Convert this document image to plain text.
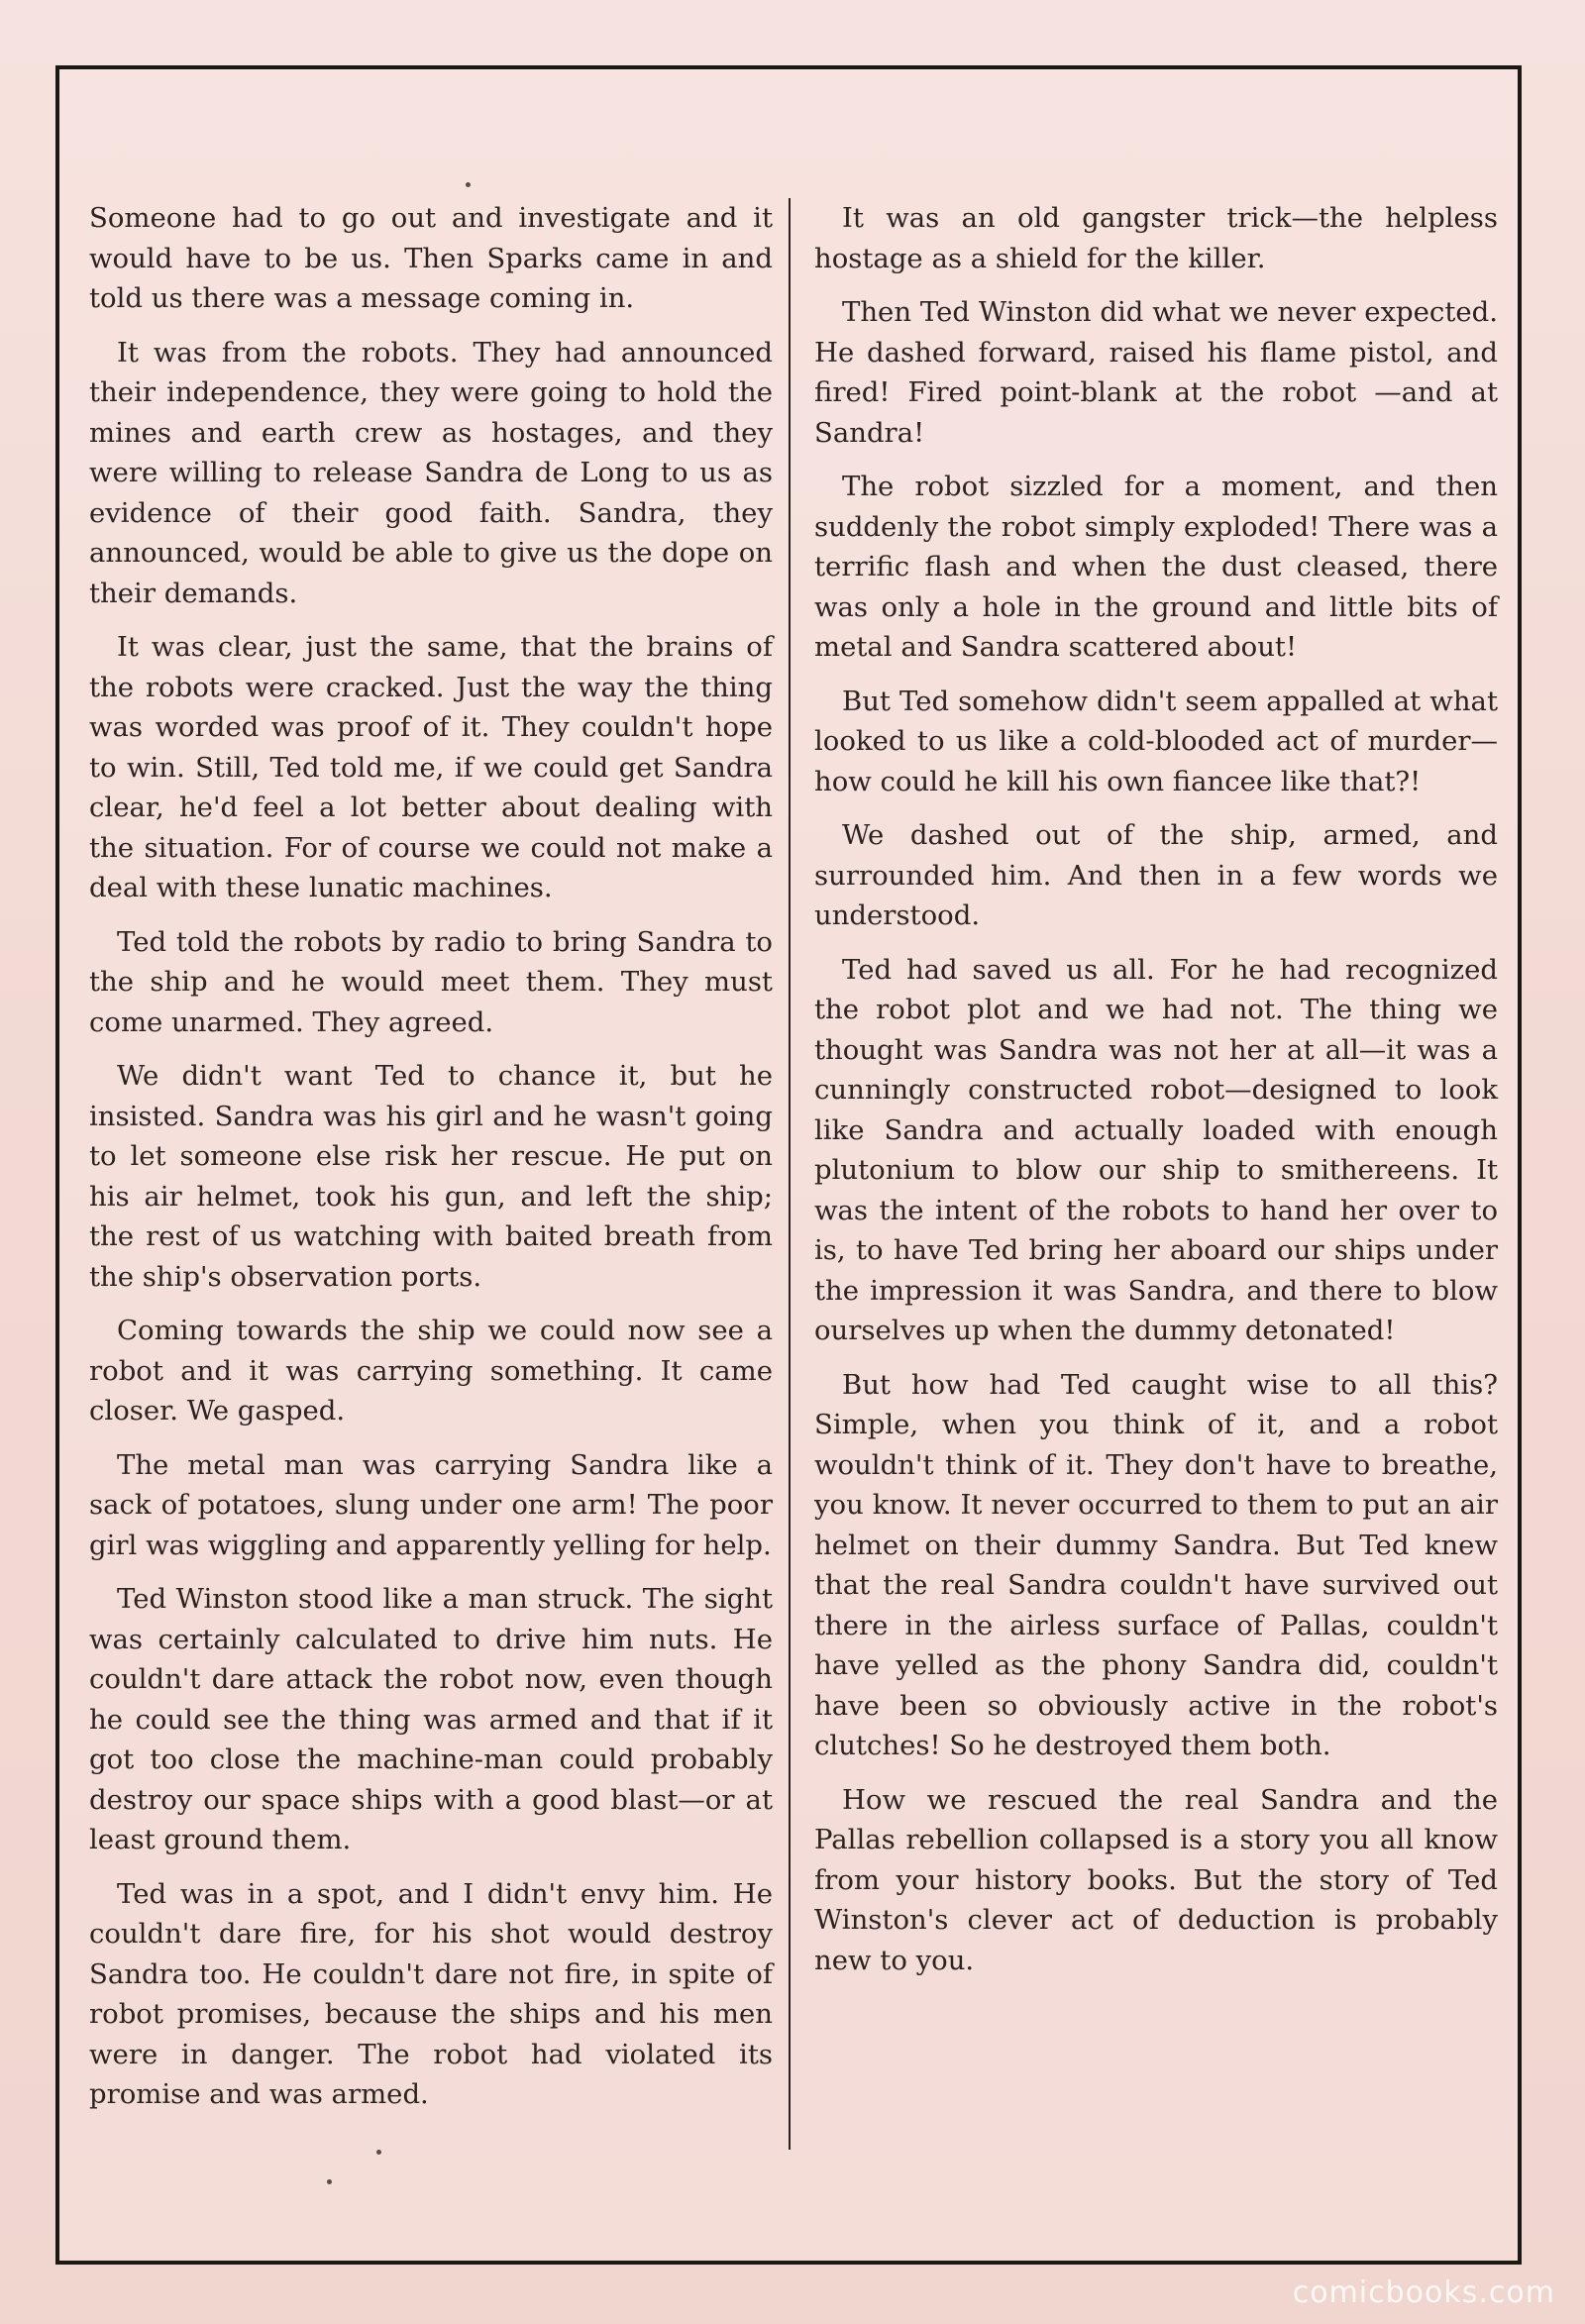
Someone had to go out and investigate and it would have to be us. Then Sparks came in and told us there was a message coming in.

It was from the robots. They had announced their independence, they were going to hold the mines and earth crew as hostages, and they were willing to release Sandra de Long to us as evidence of their good faith. Sandra, they announced, would be able to give us the dope on their demands.

It was clear, just the same, that the brains of the robots were cracked. Just the way the thing was worded was proof of it. They couldn't hope to win. Still, Ted told me, if we could get Sandra clear, he'd feel a lot better about dealing with the situation. For of course we could not make a deal with these lunatic machines.

Ted told the robots by radio to bring Sandra to the ship and he would meet them. They must come unarmed. They agreed.

We didn't want Ted to chance it, but he insisted. Sandra was his girl and he wasn't going to let someone else risk her rescue. He put on his air helmet, took his gun, and left the ship; the rest of us watching with baited breath from the ship's observation ports.

Coming towards the ship we could now see a robot and it was carrying something. It came closer. We gasped.

The metal man was carrying Sandra like a sack of potatoes, slung under one arm! The poor girl was wiggling and apparently yelling for help.

Ted Winston stood like a man struck. The sight was certainly calculated to drive him nuts. He couldn't dare attack the robot now, even though he could see the thing was armed and that if it got too close the machine-man could probably destroy our space ships with a good blast—or at least ground them.

Ted was in a spot, and I didn't envy him. He couldn't dare fire, for his shot would destroy Sandra too. He couldn't dare not fire, in spite of robot promises, because the ships and his men were in danger. The robot had violated its promise and was armed.

It was an old gangster trick—the helpless hostage as a shield for the killer.

Then Ted Winston did what we never expected. He dashed forward, raised his flame pistol, and fired! Fired point-blank at the robot —and at Sandra!

The robot sizzled for a moment, and then suddenly the robot simply exploded! There was a terrific flash and when the dust cleased, there was only a hole in the ground and little bits of metal and Sandra scattered about!

But Ted somehow didn't seem appalled at what looked to us like a cold-blooded act of murder—how could he kill his own fiancee like that?!

We dashed out of the ship, armed, and surrounded him. And then in a few words we understood.

Ted had saved us all. For he had recognized the robot plot and we had not. The thing we thought was Sandra was not her at all—it was a cunningly constructed robot—designed to look like Sandra and actually loaded with enough plutonium to blow our ship to smithereens. It was the intent of the robots to hand her over to is, to have Ted bring her aboard our ships under the impression it was Sandra, and there to blow ourselves up when the dummy detonated!

But how had Ted caught wise to all this? Simple, when you think of it, and a robot wouldn't think of it. They don't have to breathe, you know. It never occurred to them to put an air helmet on their dummy Sandra. But Ted knew that the real Sandra couldn't have survived out there in the airless surface of Pallas, couldn't have yelled as the phony Sandra did, couldn't have been so obviously active in the robot's clutches! So he destroyed them both.

How we rescued the real Sandra and the Pallas rebellion collapsed is a story you all know from your history books. But the story of Ted Winston's clever act of deduction is probably new to you.

comicbooks.com
